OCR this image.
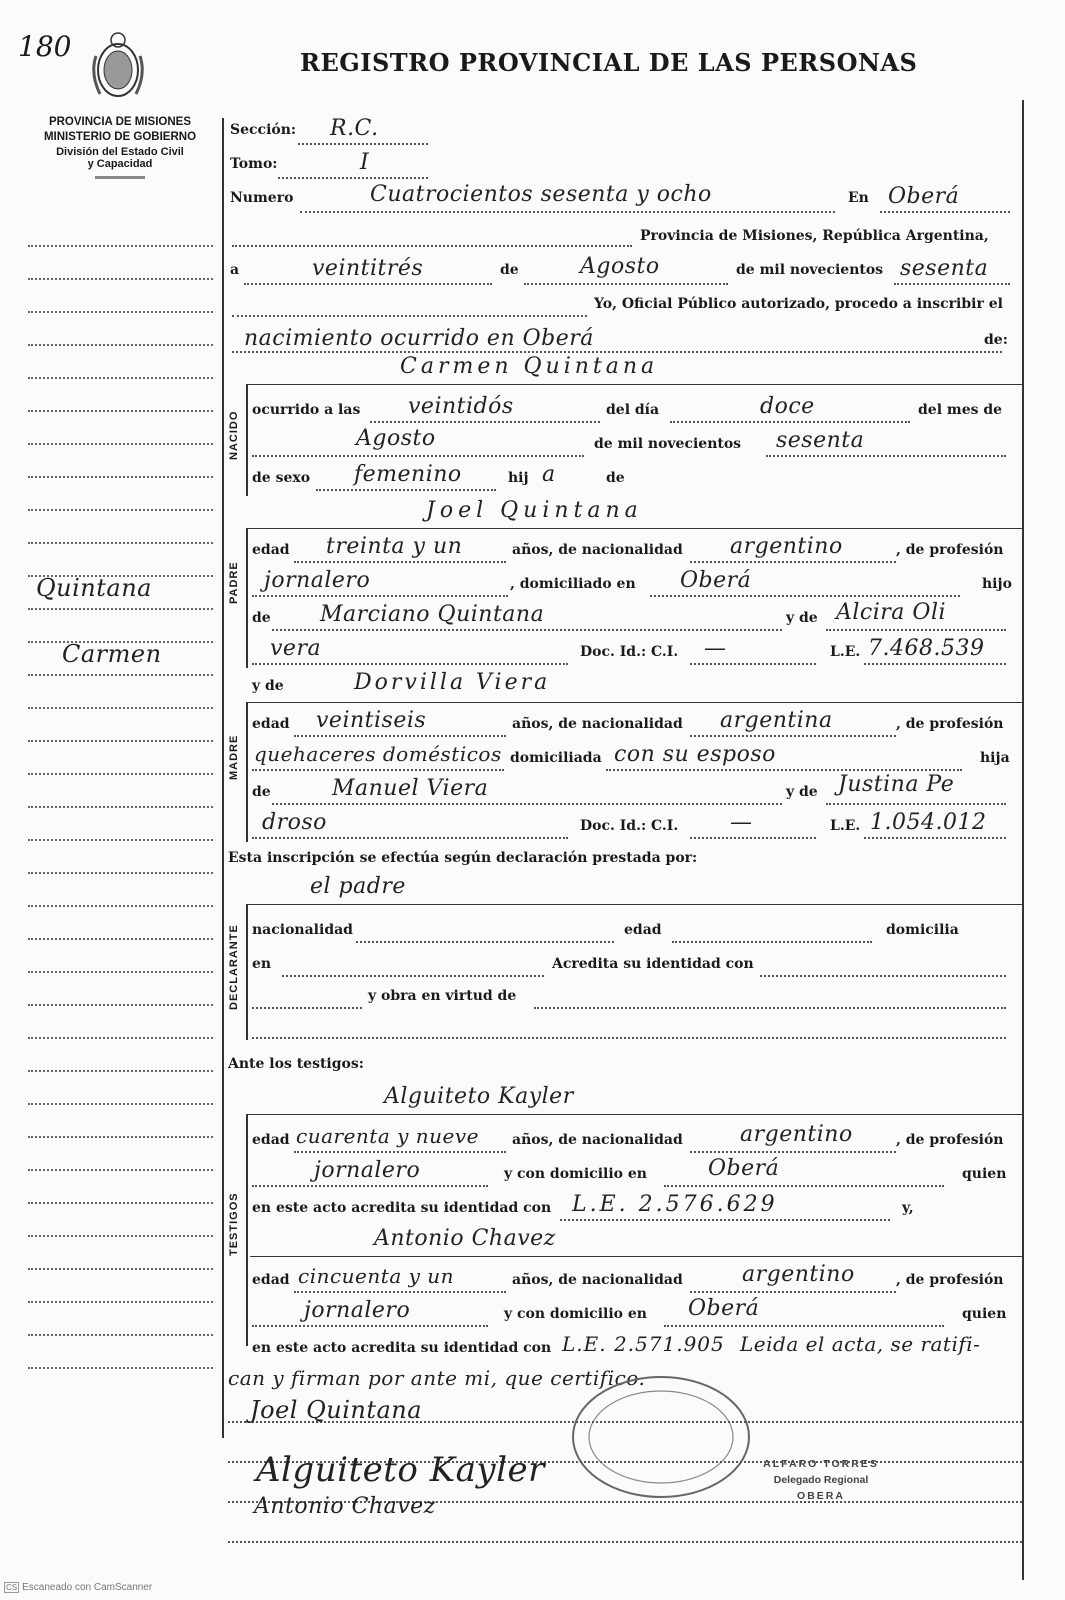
180	REGISTRO PROVINCIAL DE LAS PERSONAS
PROVINCIA DE MISIONES
MINISTERIO DE GOBIERNO
División del Estado Civil
y Capacidad
Quintana
Carmen
Sección: R.C.
Tomo:	I
Numero	Cuatrocientos sesenta y ocho	En Oberá
Provincia de Misiones, República Argentina,
a	veintitrés	de	Agosto	de mil novecientos sesenta
Yo, Oficial Público autorizado, procedo a inscribir el
nacimiento ocurrido en Oberá	de:
Carmen Quintana
NACIDO
ocurrido a las veintidós	del día	doce	del mes de
Agosto	de mil novecientos sesenta
de sexo femenino	hij a	de
Joel Quintana
PADRE
edad treinta y un	años, de nacionalidad argentino	, de profesión
jornalero	, domiciliado en Oberá	hijo
de Marciano Quintana	y de Alcira Oli
vera	Doc. Id.: C.I. —	L.E. 7.468.539
y de	Dorvilla Viera
MADRE
edad veintiseis	años, de nacionalidad argentina	, de profesión
quehaceres domésticos domiciliada con su esposo	hija
de	Manuel Viera	y de Justina Pe
droso	Doc. Id.: C.I. —	L.E. 1.054.012
Esta inscripción se efectúa según declaración prestada por:
el padre
DECLARANTE nacionalidad	edad	domicilia
en	Acredita su identidad con
y obra en virtud de
Ante los testigos:
Alguiteto Kayler
TESTIGOS
edad cuarenta y nueve años, de nacionalidad	argentino	, de profesión
jornalero	y con domicilio en	Oberá	quien
en este acto acredita su identidad con L.E. 2.576.629	y,
Antonio Chavez
edad cincuenta y un	años, de nacionalidad	argentino	, de profesión
jornalero	y con domicilio en Oberá	quien
en este acto acredita su identidad con L.E. 2.571.905 Leida el acta, se ratifi-
can y firman por ante mi, que certifico.
ALFARO TORRES
Delegado Regional
OBERA
Joel Quintana
Alguiteto Kayler
Antonio Chavez
CS Escaneado con CamScanner
